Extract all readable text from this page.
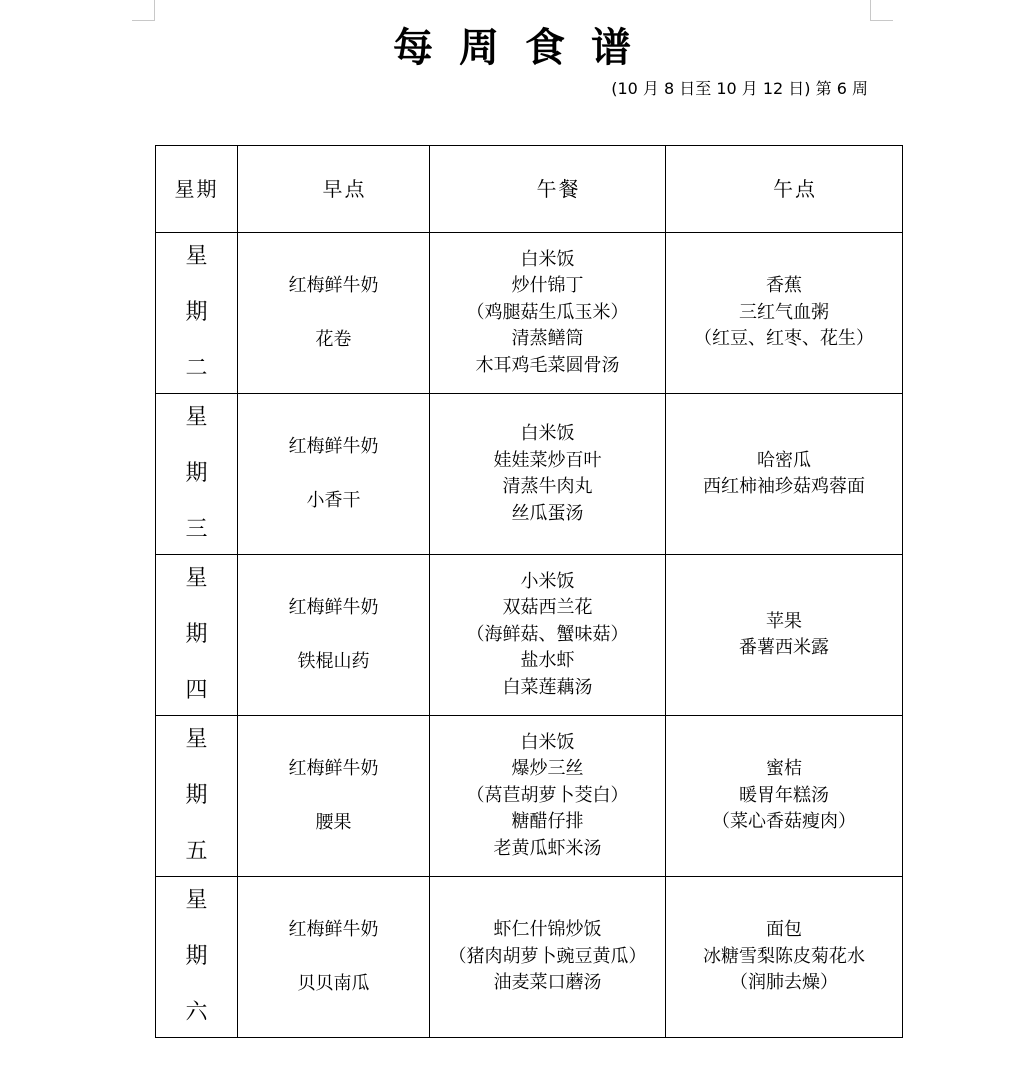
每周食谱
(10 月 8 日至 10 月 12 日) 第 6 周
星期	早点	午餐	午点

星
期
二	红梅鲜牛奶
花卷	白米饭
炒什锦丁
（鸡腿菇生瓜玉米）
清蒸鳝筒
木耳鸡毛菜圆骨汤	香蕉
三红气血粥
（红豆、红枣、花生）

星
期
三	红梅鲜牛奶
小香干	白米饭
娃娃菜炒百叶
清蒸牛肉丸
丝瓜蛋汤	哈密瓜
西红柿袖珍菇鸡蓉面

星
期
四	红梅鲜牛奶
铁棍山药	小米饭
双菇西兰花
（海鲜菇、蟹味菇）
盐水虾
白菜莲藕汤	苹果
番薯西米露

星
期
五	红梅鲜牛奶
腰果	白米饭
爆炒三丝
（莴苣胡萝卜茭白）
糖醋仔排
老黄瓜虾米汤	蜜桔
暖胃年糕汤
（菜心香菇瘦肉）

星
期
六	红梅鲜牛奶
贝贝南瓜	虾仁什锦炒饭
（猪肉胡萝卜豌豆黄瓜）
油麦菜口蘑汤	面包
冰糖雪梨陈皮菊花水
（润肺去燥）
